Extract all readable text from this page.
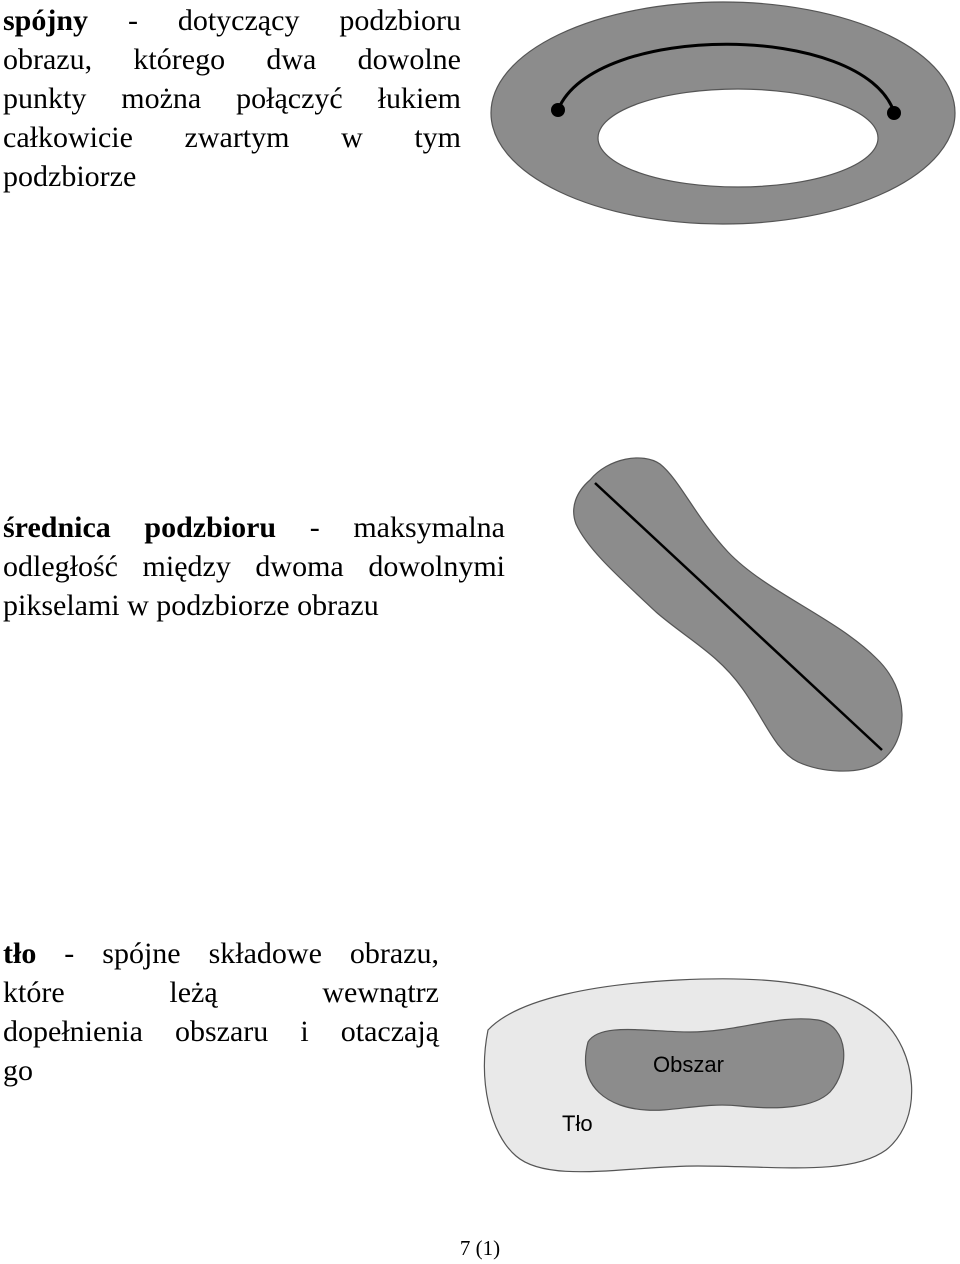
spójny - dotyczący podzbioru
obrazu, którego dwa dowolne
punkty można połączyć łukiem
całkowicie zwartym w tym
podzbiorze

średnica podzbioru - maksymalna
odległość między dwoma dowolnymi
pikselami w podzbiorze obrazu

tło - spójne składowe obrazu,
które leżą wewnątrz
dopełnienia obszaru i otaczają
go	Obszar
Tło
7 (1)
